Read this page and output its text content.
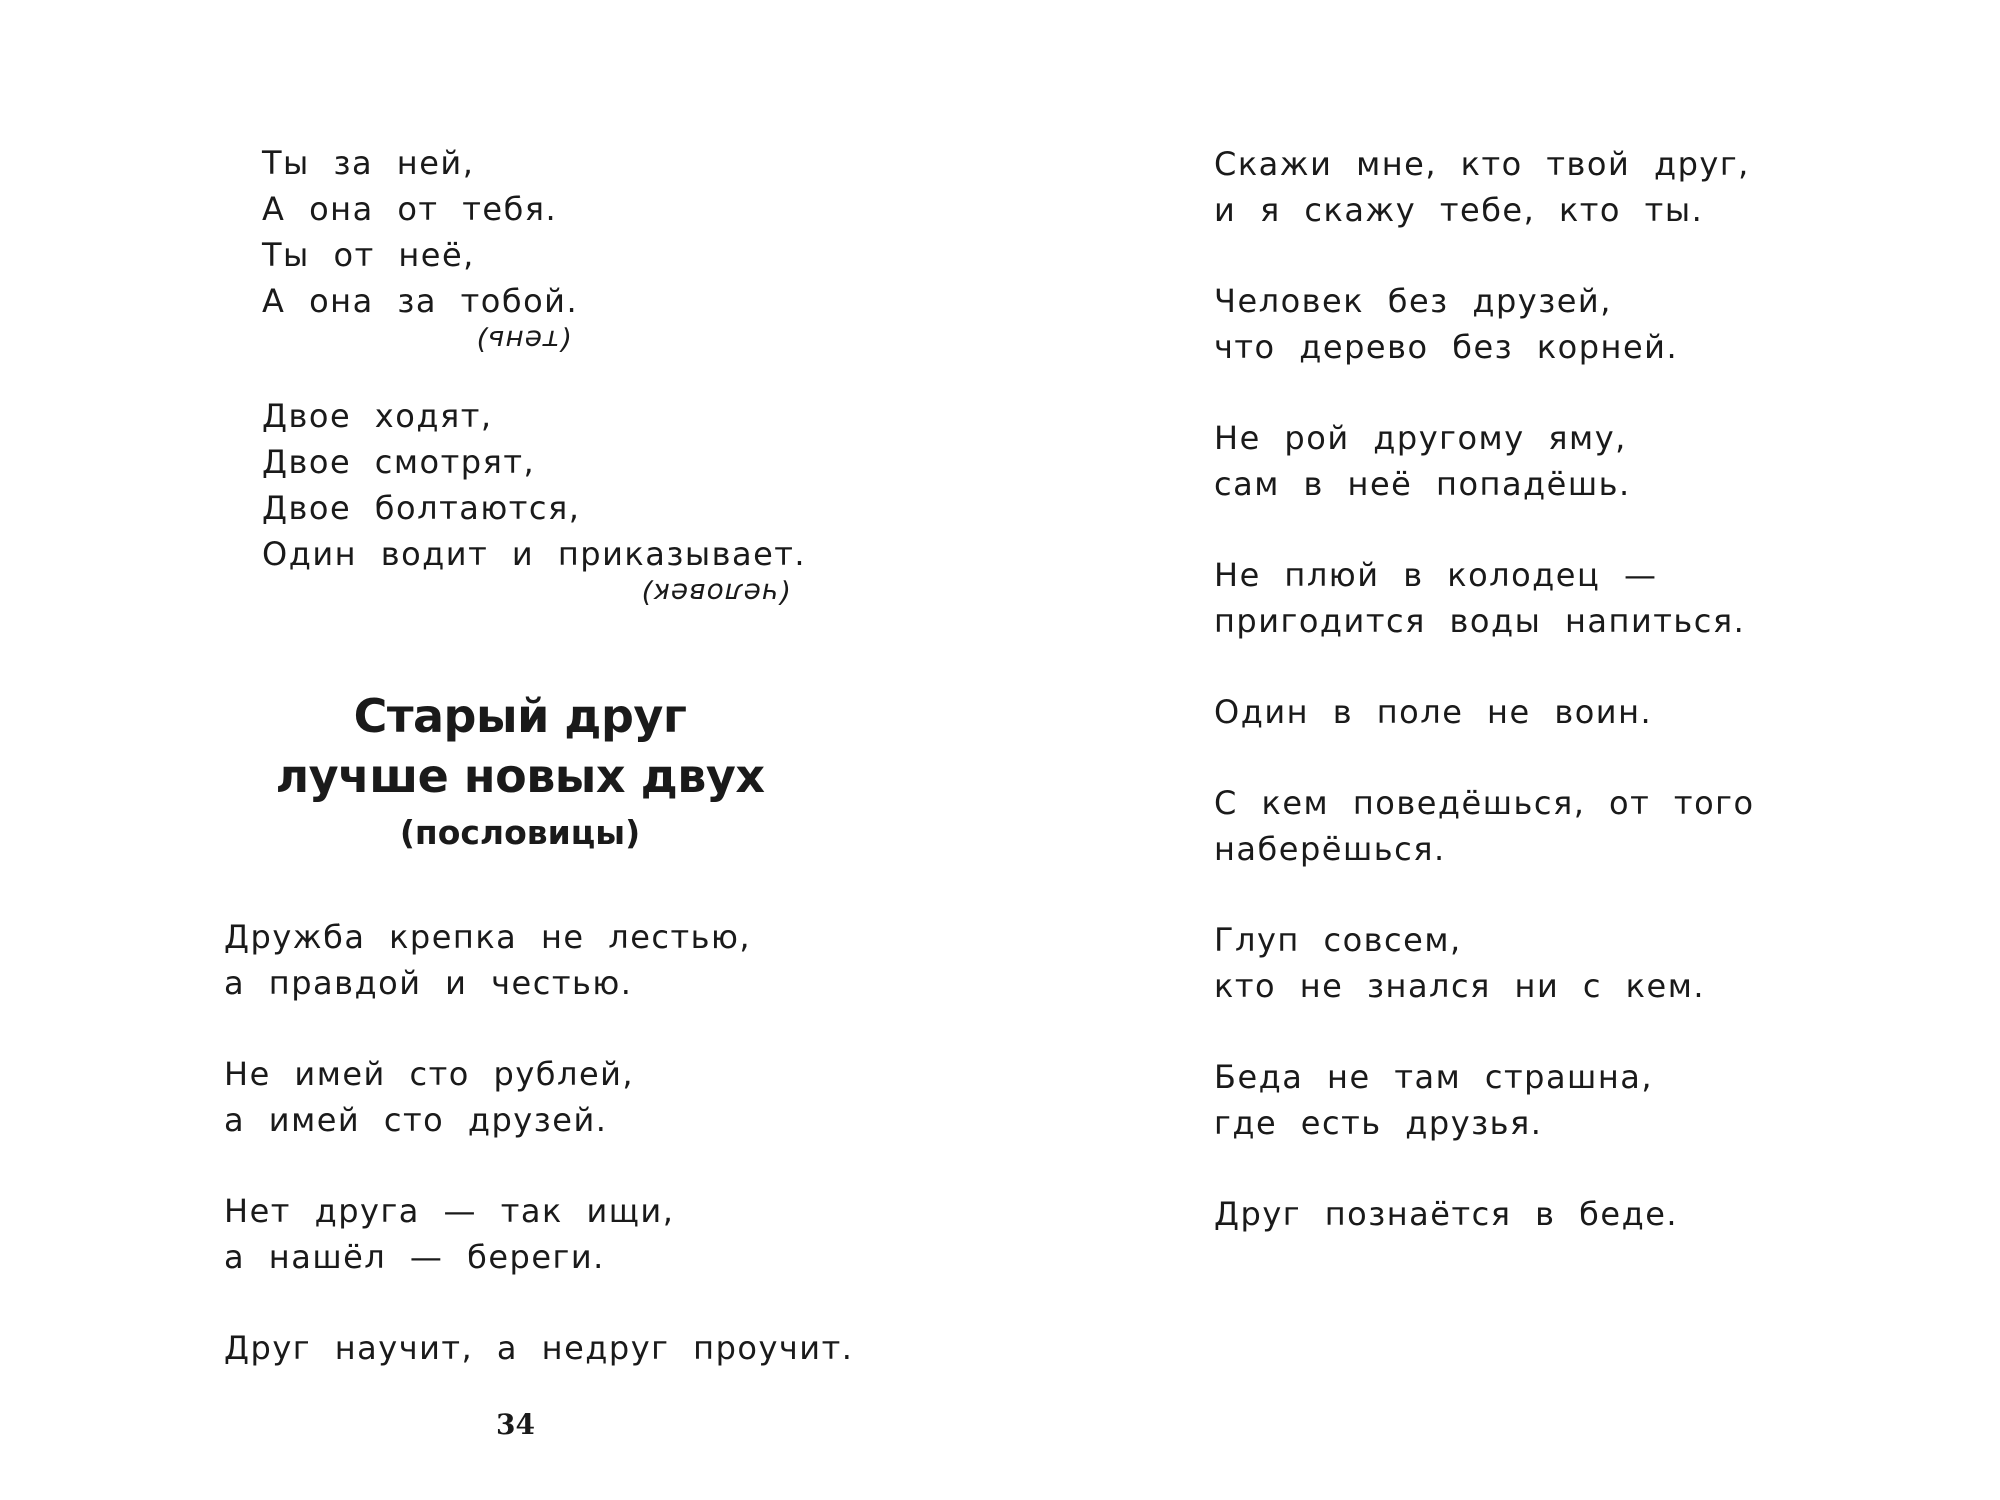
Ты за ней,
А она от тебя.
Ты от неё,
А она за тобой.
(тень)
Двое ходят,
Двое смотрят,
Двое болтаются,
Один водит и приказывает.
(человек)
Старый друг
лучше новых двух
(пословицы)
Дружба крепка не лестью,
а правдой и честью.
Не имей сто рублей,
а имей сто друзей.
Нет друга — так ищи,
а нашёл — береги.
Друг научит, а недруг проучит.
34
Скажи мне, кто твой друг,
и я скажу тебе, кто ты.
Человек без друзей,
что дерево без корней.
Не рой другому яму,
сам в неё попадёшь.
Не плюй в колодец —
пригодится воды напиться.
Один в поле не воин.
С кем поведёшься, от того
наберёшься.
Глуп совсем,
кто не знался ни с кем.
Беда не там страшна,
где есть друзья.
Друг познаётся в беде.
